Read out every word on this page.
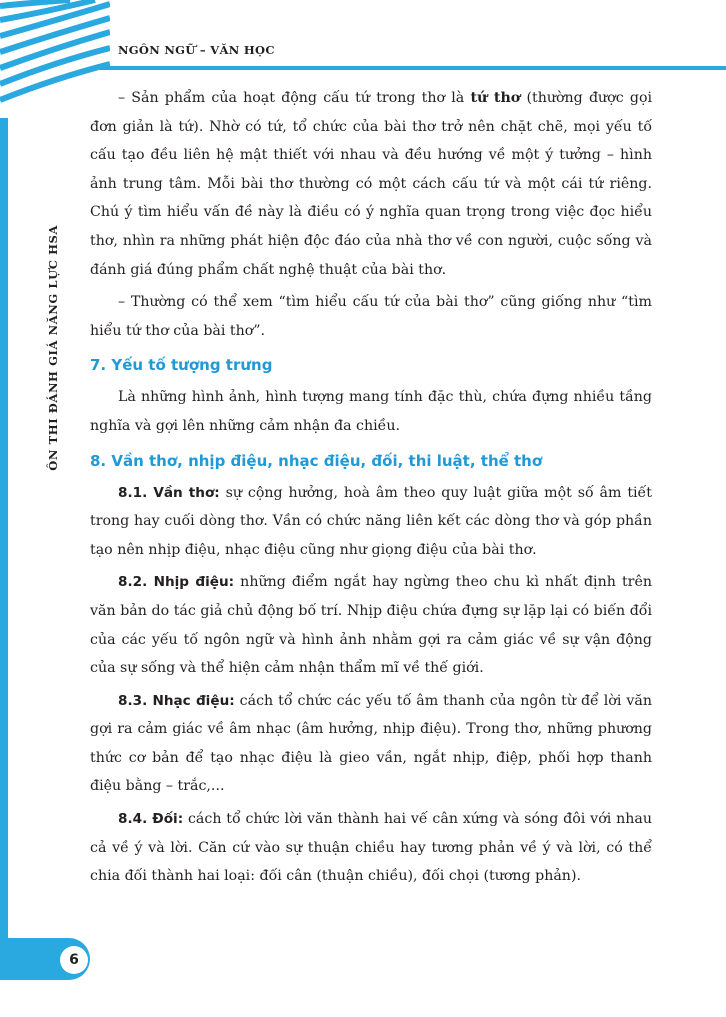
ÔN THI ĐÁNH GIÁ NĂNG LỰC HSA
NGÔN NGỮ – VĂN HỌC

– Sản phẩm của hoạt động cấu tứ trong thơ là tứ thơ (thường được gọi đơn giản là tứ). Nhờ có tứ, tổ chức của bài thơ trở nên chặt chẽ, mọi yếu tố cấu tạo đều liên hệ mật thiết với nhau và đều hướng về một ý tưởng – hình ảnh trung tâm. Mỗi bài thơ thường có một cách cấu tứ và một cái tứ riêng. Chú ý tìm hiểu vấn đề này là điều có ý nghĩa quan trọng trong việc đọc hiểu thơ, nhìn ra những phát hiện độc đáo của nhà thơ về con người, cuộc sống và đánh giá đúng phẩm chất nghệ thuật của bài thơ.

– Thường có thể xem “tìm hiểu cấu tứ của bài thơ” cũng giống như “tìm hiểu tứ thơ của bài thơ”.

7. Yếu tố tượng trưng

Là những hình ảnh, hình tượng mang tính đặc thù, chứa đựng nhiều tầng nghĩa và gợi lên những cảm nhận đa chiều.

8. Vần thơ, nhịp điệu, nhạc điệu, đối, thi luật, thể thơ

8.1. Vần thơ: sự cộng hưởng, hoà âm theo quy luật giữa một số âm tiết trong hay cuối dòng thơ. Vần có chức năng liên kết các dòng thơ và góp phần tạo nên nhịp điệu, nhạc điệu cũng như giọng điệu của bài thơ.

8.2. Nhịp điệu: những điểm ngắt hay ngừng theo chu kì nhất định trên văn bản do tác giả chủ động bố trí. Nhịp điệu chứa đựng sự lặp lại có biến đổi của các yếu tố ngôn ngữ và hình ảnh nhằm gợi ra cảm giác về sự vận động của sự sống và thể hiện cảm nhận thẩm mĩ về thế giới.

8.3. Nhạc điệu: cách tổ chức các yếu tố âm thanh của ngôn từ để lời văn gợi ra cảm giác về âm nhạc (âm hưởng, nhịp điệu). Trong thơ, những phương thức cơ bản để tạo nhạc điệu là gieo vần, ngắt nhịp, điệp, phối hợp thanh điệu bằng – trắc,...

8.4. Đối: cách tổ chức lời văn thành hai vế cân xứng và sóng đôi với nhau cả về ý và lời. Căn cứ vào sự thuận chiều hay tương phản về ý và lời, có thể chia đối thành hai loại: đối cân (thuận chiều), đối chọi (tương phản).

6
